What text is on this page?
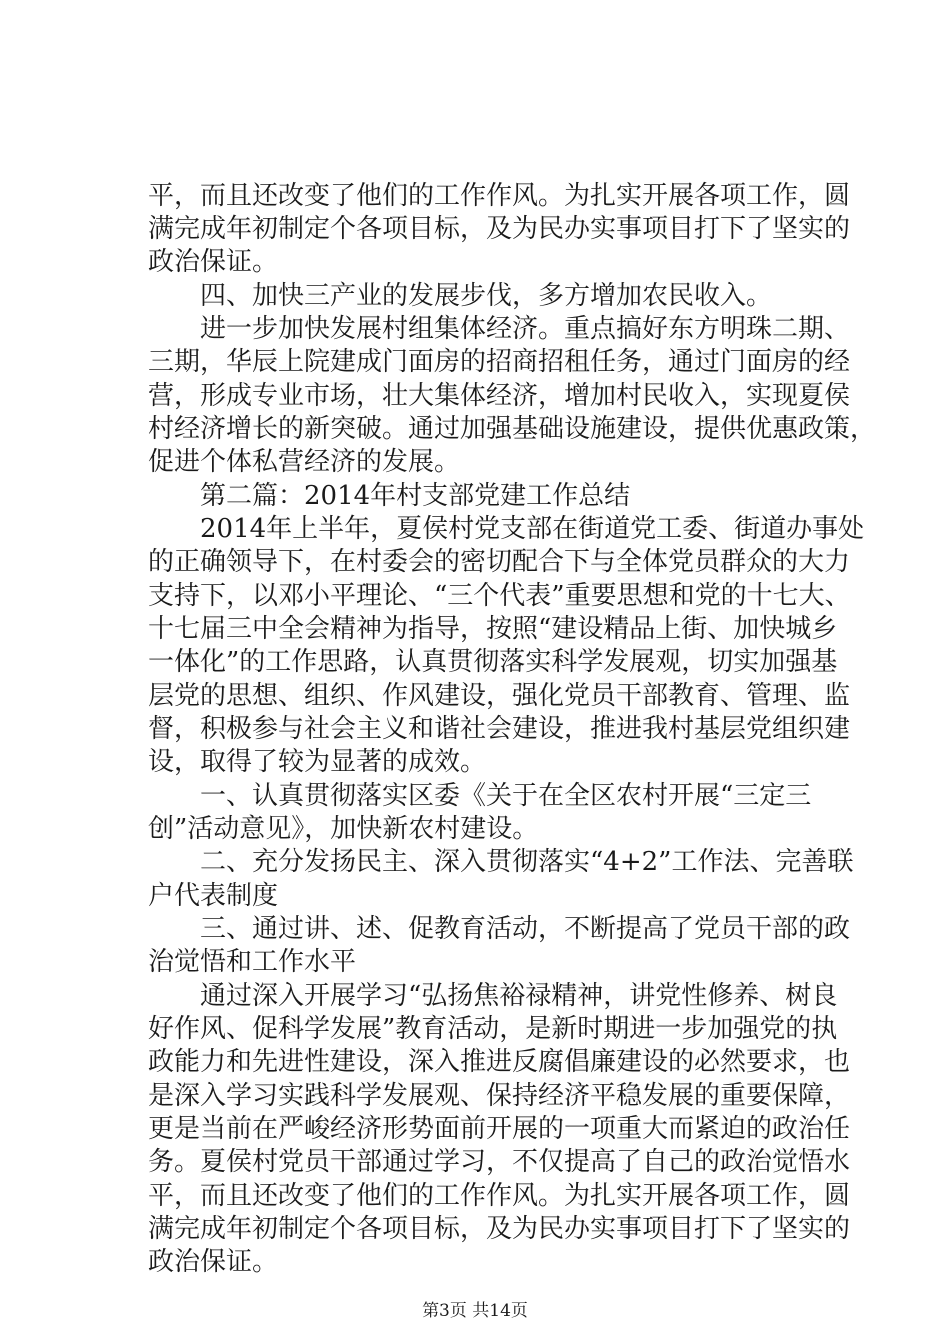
平，而且还改变了他们的工作作风。为扎实开展各项工作，圆
满完成年初制定个各项目标，及为民办实事项目打下了坚实的
政治保证。
　　四、加快三产业的发展步伐，多方增加农民收入。
　　进一步加快发展村组集体经济。重点搞好东方明珠二期、
三期，华辰上院建成门面房的招商招租任务，通过门面房的经
营，形成专业市场，壮大集体经济，增加村民收入，实现夏侯
村经济增长的新突破。通过加强基础设施建设，提供优惠政策，
促进个体私营经济的发展。
　　第二篇：2014年村支部党建工作总结
　　2014年上半年，夏侯村党支部在街道党工委、街道办事处
的正确领导下，在村委会的密切配合下与全体党员群众的大力
支持下，以邓小平理论、“三个代表”重要思想和党的十七大、
十七届三中全会精神为指导，按照“建设精品上街、加快城乡
一体化”的工作思路，认真贯彻落实科学发展观，切实加强基
层党的思想、组织、作风建设，强化党员干部教育、管理、监
督，积极参与社会主义和谐社会建设，推进我村基层党组织建
设，取得了较为显著的成效。
　　一、认真贯彻落实区委《关于在全区农村开展“三定三
创”活动意见》，加快新农村建设。
　　二、充分发扬民主、深入贯彻落实“4+2”工作法、完善联
户代表制度
　　三、通过讲、述、促教育活动，不断提高了党员干部的政
治觉悟和工作水平
　　通过深入开展学习“弘扬焦裕禄精神，讲党性修养、树良
好作风、促科学发展”教育活动，是新时期进一步加强党的执
政能力和先进性建设，深入推进反腐倡廉建设的必然要求，也
是深入学习实践科学发展观、保持经济平稳发展的重要保障，
更是当前在严峻经济形势面前开展的一项重大而紧迫的政治任
务。夏侯村党员干部通过学习，不仅提高了自己的政治觉悟水
平，而且还改变了他们的工作作风。为扎实开展各项工作，圆
满完成年初制定个各项目标，及为民办实事项目打下了坚实的
政治保证。
第3页 共14页
